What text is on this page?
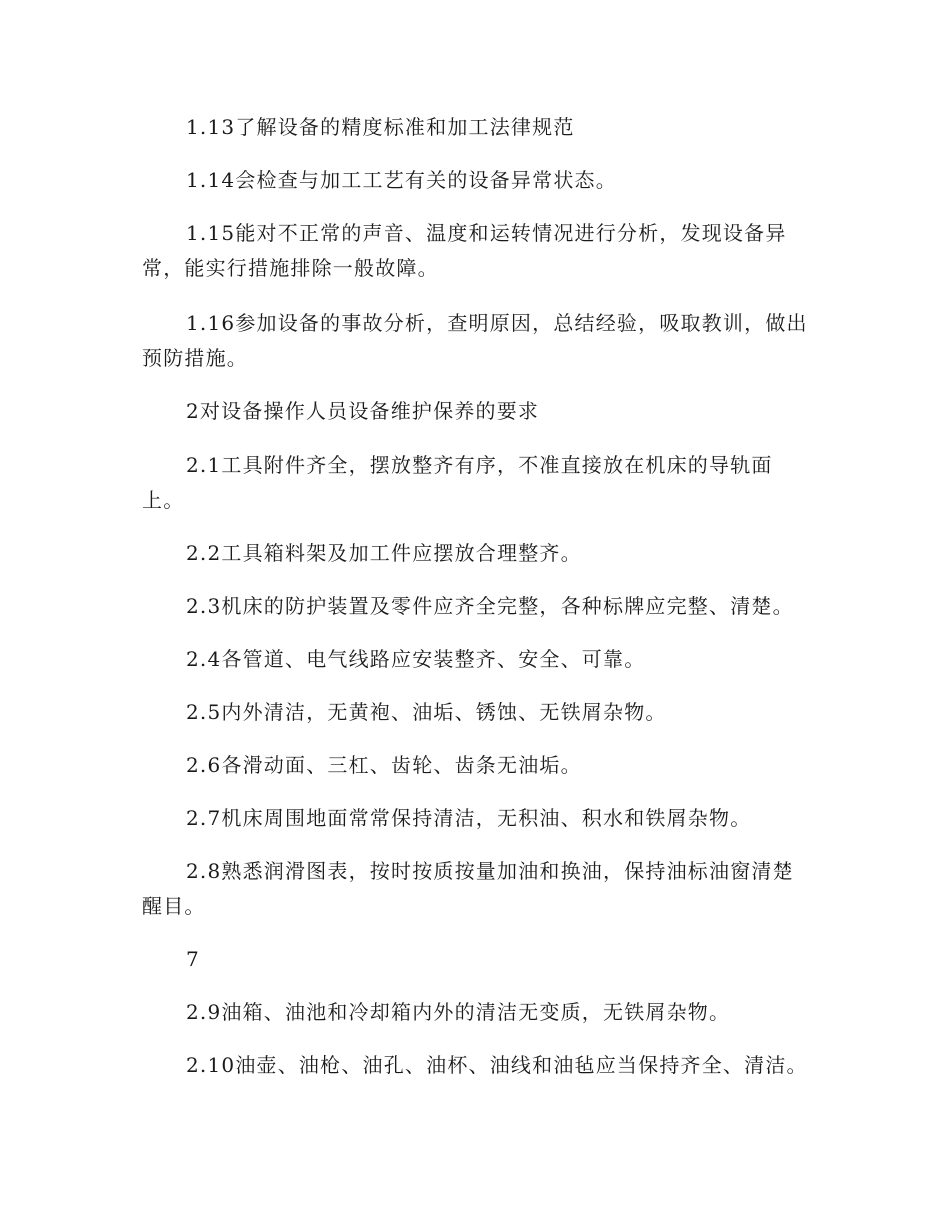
1.13了解设备的精度标准和加工法律规范

1.14会检查与加工工艺有关的设备异常状态。

1.15能对不正常的声音、温度和运转情况进行分析，发现设备异常，能实行措施排除一般故障。

1.16参加设备的事故分析，查明原因，总结经验，吸取教训，做出预防措施。

2对设备操作人员设备维护保养的要求

2.1工具附件齐全，摆放整齐有序，不准直接放在机床的导轨面上。

2.2工具箱料架及加工件应摆放合理整齐。

2.3机床的防护装置及零件应齐全完整，各种标牌应完整、清楚。

2.4各管道、电气线路应安装整齐、安全、可靠。

2.5内外清洁，无黄袍、油垢、锈蚀、无铁屑杂物。

2.6各滑动面、三杠、齿轮、齿条无油垢。

2.7机床周围地面常常保持清洁，无积油、积水和铁屑杂物。

2.8熟悉润滑图表，按时按质按量加油和换油，保持油标油窗清楚醒目。

7

2.9油箱、油池和冷却箱内外的清洁无变质，无铁屑杂物。

2.10油壶、油枪、油孔、油杯、油线和油毡应当保持齐全、清洁。
